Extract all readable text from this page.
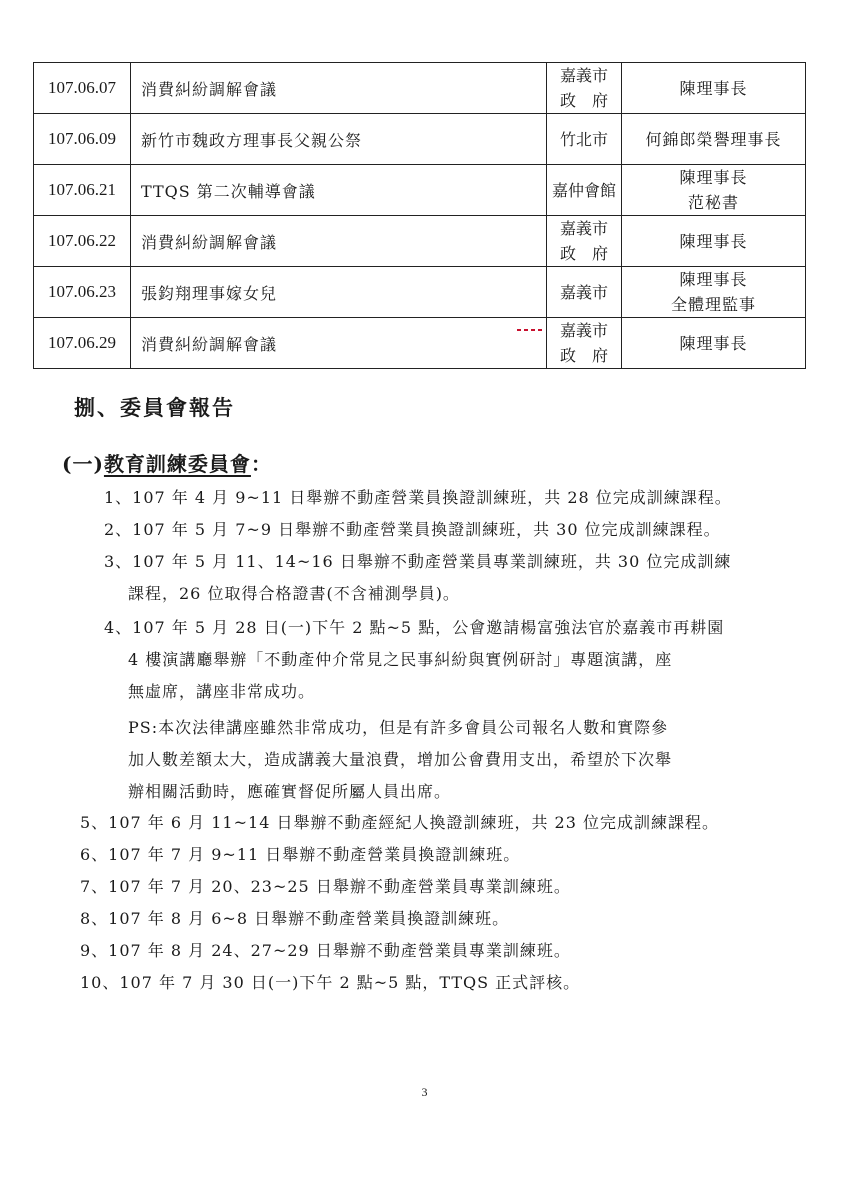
107.06.07	消費糾紛調解會議	嘉義市
政　府	陳理事長

107.06.09	新竹市魏政方理事長父親公祭	竹北市	何錦郎榮譽理事長

107.06.21	TTQS 第二次輔導會議	嘉仲會館	陳理事長
范秘書

107.06.22	消費糾紛調解會議	嘉義市
政　府	陳理事長

107.06.23	張鈞翔理事嫁女兒	嘉義市	陳理事長
全體理監事

107.06.29	消費糾紛調解會議	嘉義市
政　府	陳理事長
捌、委員會報告
(一)教育訓練委員會：
1、107 年 4 月 9~11 日舉辦不動產營業員換證訓練班，共 28 位完成訓練課程。
2、107 年 5 月 7~9 日舉辦不動產營業員換證訓練班，共 30 位完成訓練課程。
3、107 年 5 月 11、14~16 日舉辦不動產營業員專業訓練班，共 30 位完成訓練
課程，26 位取得合格證書(不含補測學員)。
4、107 年 5 月 28 日(一)下午 2 點~5 點，公會邀請楊富強法官於嘉義市再耕園
4 樓演講廳舉辦「不動產仲介常見之民事糾紛與實例研討」專題演講，座
無虛席，講座非常成功。
PS:本次法律講座雖然非常成功，但是有許多會員公司報名人數和實際參
加人數差額太大，造成講義大量浪費，增加公會費用支出，希望於下次舉
辦相關活動時，應確實督促所屬人員出席。
5、107 年 6 月 11~14 日舉辦不動產經紀人換證訓練班，共 23 位完成訓練課程。
6、107 年 7 月 9~11 日舉辦不動產營業員換證訓練班。
7、107 年 7 月 20、23~25 日舉辦不動產營業員專業訓練班。
8、107 年 8 月 6~8 日舉辦不動產營業員換證訓練班。
9、107 年 8 月 24、27~29 日舉辦不動產營業員專業訓練班。
10、107 年 7 月 30 日(一)下午 2 點~5 點，TTQS 正式評核。
3
